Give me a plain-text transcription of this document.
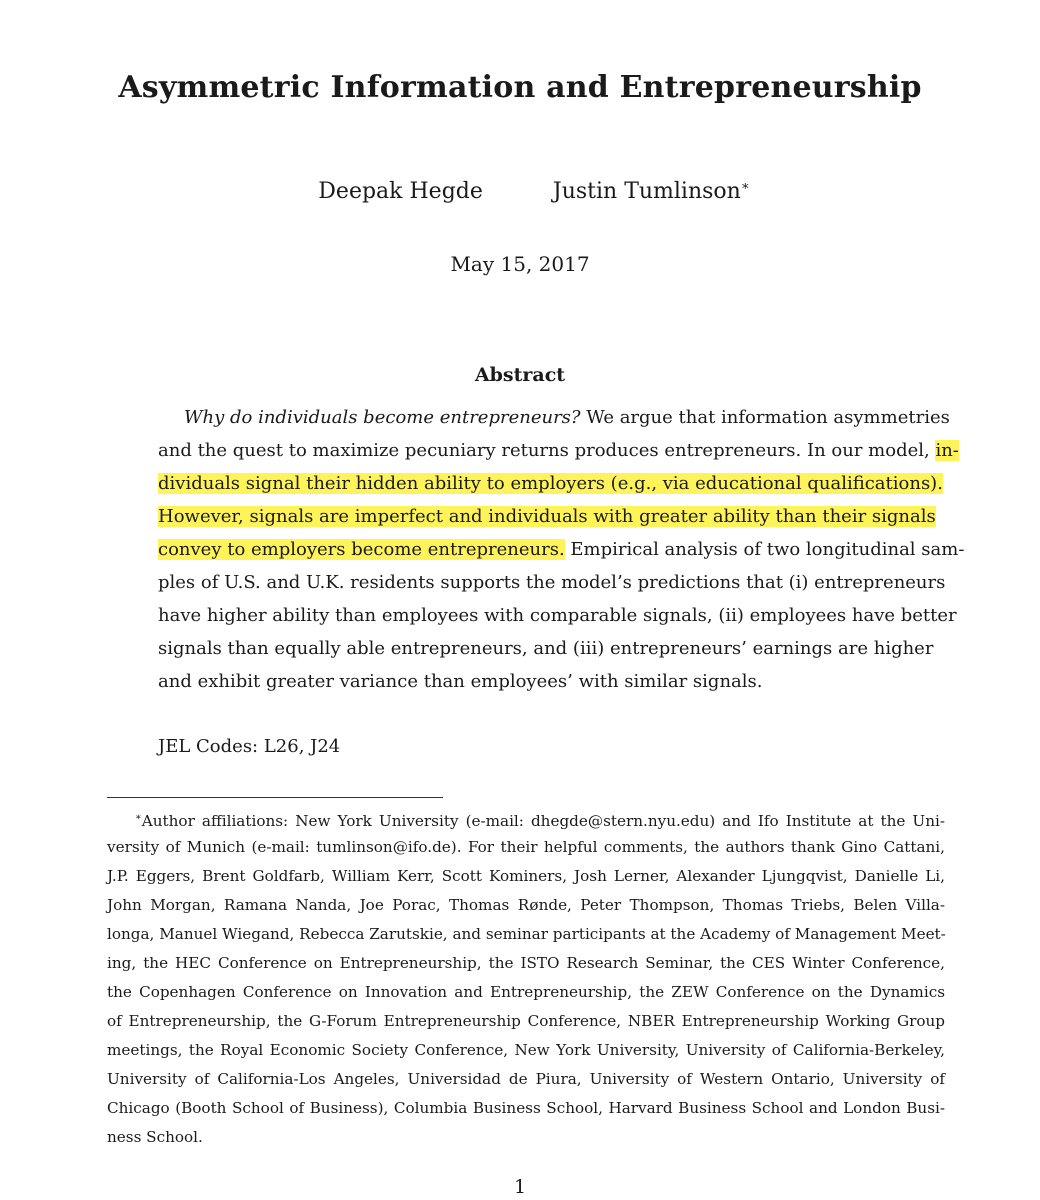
Asymmetric Information and Entrepreneurship

Deepak Hegde	Justin Tumlinson∗

May 15, 2017
Abstract
Why do individuals become entrepreneurs? We argue that information asymmetries
and the quest to maximize pecuniary returns produces entrepreneurs. In our model, in-
dividuals signal their hidden ability to employers (e.g., via educational qualifications).
However, signals are imperfect and individuals with greater ability than their signals
convey to employers become entrepreneurs. Empirical analysis of two longitudinal sam-
ples of U.S. and U.K. residents supports the model’s predictions that (i) entrepreneurs
have higher ability than employees with comparable signals, (ii) employees have better
signals than equally able entrepreneurs, and (iii) entrepreneurs’ earnings are higher
and exhibit greater variance than employees’ with similar signals.
JEL Codes: L26, J24
∗Author affiliations: New York University (e-mail: dhegde@stern.nyu.edu) and Ifo Institute at the Uni-
versity of Munich (e-mail: tumlinson@ifo.de). For their helpful comments, the authors thank Gino Cattani,
J.P. Eggers, Brent Goldfarb, William Kerr, Scott Kominers, Josh Lerner, Alexander Ljungqvist, Danielle Li,
John Morgan, Ramana Nanda, Joe Porac, Thomas Rønde, Peter Thompson, Thomas Triebs, Belen Villa-
longa, Manuel Wiegand, Rebecca Zarutskie, and seminar participants at the Academy of Management Meet-
ing, the HEC Conference on Entrepreneurship, the ISTO Research Seminar, the CES Winter Conference,
the Copenhagen Conference on Innovation and Entrepreneurship, the ZEW Conference on the Dynamics
of Entrepreneurship, the G-Forum Entrepreneurship Conference, NBER Entrepreneurship Working Group
meetings, the Royal Economic Society Conference, New York University, University of California-Berkeley,
University of California-Los Angeles, Universidad de Piura, University of Western Ontario, University of
Chicago (Booth School of Business), Columbia Business School, Harvard Business School and London Busi-
ness School.
1
